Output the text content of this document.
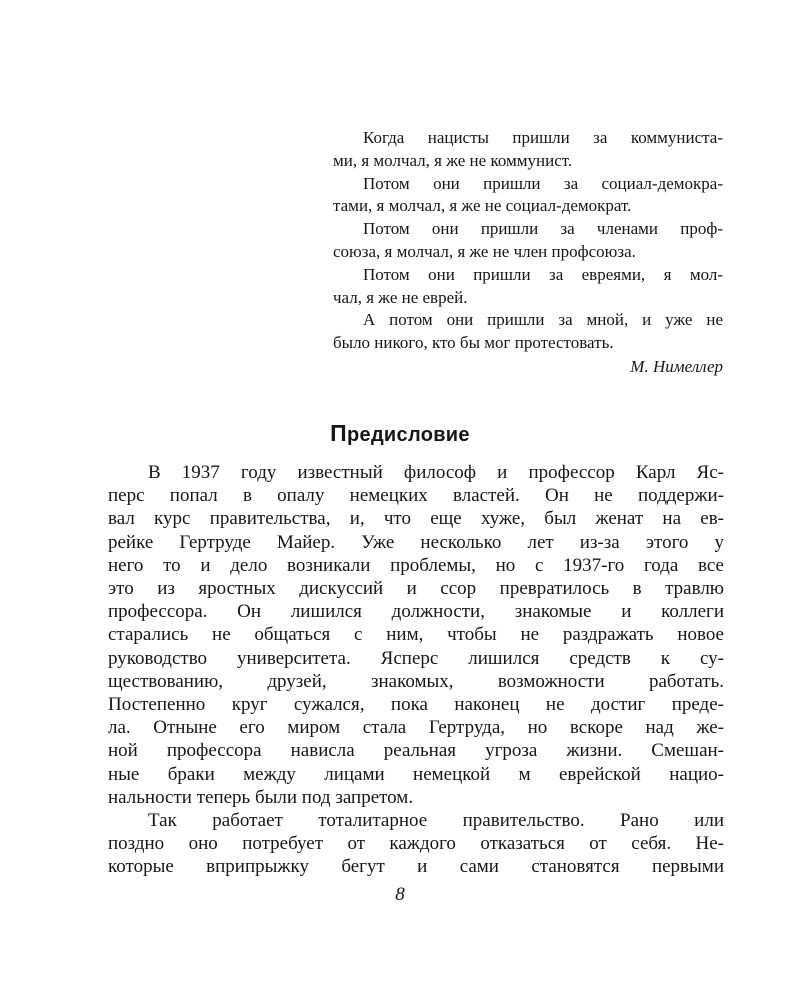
Когда нацисты пришли за коммуниста-
ми, я молчал, я же не коммунист.
Потом они пришли за социал-демокра-
тами, я молчал, я же не социал-демократ.
Потом они пришли за членами проф-
союза, я молчал, я же не член профсоюза.
Потом они пришли за евреями, я мол-
чал, я же не еврей.
А потом они пришли за мной, и уже не
было никого, кто бы мог протестовать.
М. Нимеллер
Предисловие
В 1937 году известный философ и профессор Карл Яс-
перс попал в опалу немецких властей. Он не поддержи-
вал курс правительства, и, что еще хуже, был женат на ев-
рейке Гертруде Майер. Уже несколько лет из-за этого у
него то и дело возникали проблемы, но с 1937-го года все
это из яростных дискуссий и ссор превратилось в травлю
профессора. Он лишился должности, знакомые и коллеги
старались не общаться с ним, чтобы не раздражать новое
руководство университета. Ясперс лишился средств к су-
ществованию, друзей, знакомых, возможности работать.
Постепенно круг сужался, пока наконец не достиг преде-
ла. Отныне его миром стала Гертруда, но вскоре над же-
ной профессора нависла реальная угроза жизни. Смешан-
ные браки между лицами немецкой м еврейской нацио-
нальности теперь были под запретом.
Так работает тоталитарное правительство. Рано или
поздно оно потребует от каждого отказаться от себя. Не-
которые вприпрыжку бегут и сами становятся первыми
8
